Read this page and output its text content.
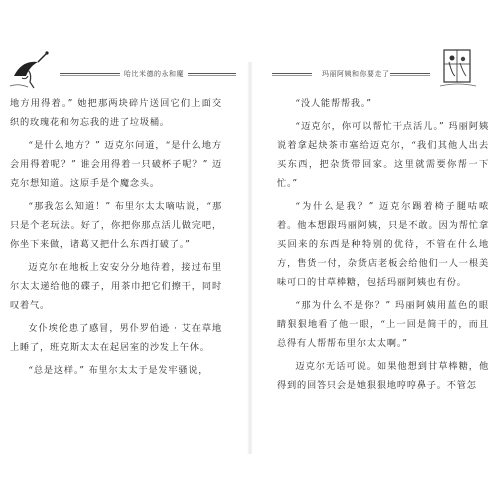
哈比米德的永和魔	玛丽阿姨和你要走了

地方用得着。” 她把那两块碎片送回它们上面交织的玫瑰花和勿忘我的进了垃圾桶。

“是什么地方？” 迈克尔问道，“是什么地方会用得着呢？” 谁会用得着一只破杯子呢？” 迈克尔想知道。这原手是个魔念头。

“那我怎么知道！” 布里尔太太嘀咕说，“那只是个老玩法。好了，你把你那点活儿做完吧，你坐下来做，诸葛又把什么东西打破了。”

迈克尔在地板上安安分分地待着，接过布里尔太太递给他的碟子，用茶巾把它们擦干，同时叹着气。

女仆埃伦患了感冒，男仆罗伯逊 · 艾在草地上睡了，班克斯太太在起居室的沙发上午休。

“总是这样。” 布里尔太太于是发牢骚说，

“没人能帮帮我。”

“迈克尔，你可以帮忙干点活儿。” 玛丽阿姨说着拿起炔茶市塞给迈克尔，“我们其他人出去买东西，把杂货带回家。这里就需要你帮一下忙。”

“为什么是我？” 迈克尔踢着椅子腿咕哝着。他本想跟玛丽阿姨，只是不敢。因为帮忙拿买回来的东西是种特别的优待，不管在什么地方，售货一付，杂货店老板会给他们一人一根美味可口的甘草棒糖，包括玛丽阿姨也有份。

“那为什么不是你？” 玛丽阿姨用蓝色的眼睛狠狠地看了他一眼，“上一回是简干的，而且总得有人帮帮布里尔太太啊。”

迈克尔无话可说。如果他想到甘草棒糖，他得到的回答只会是她狠狠地哼哼鼻子。不管怎
